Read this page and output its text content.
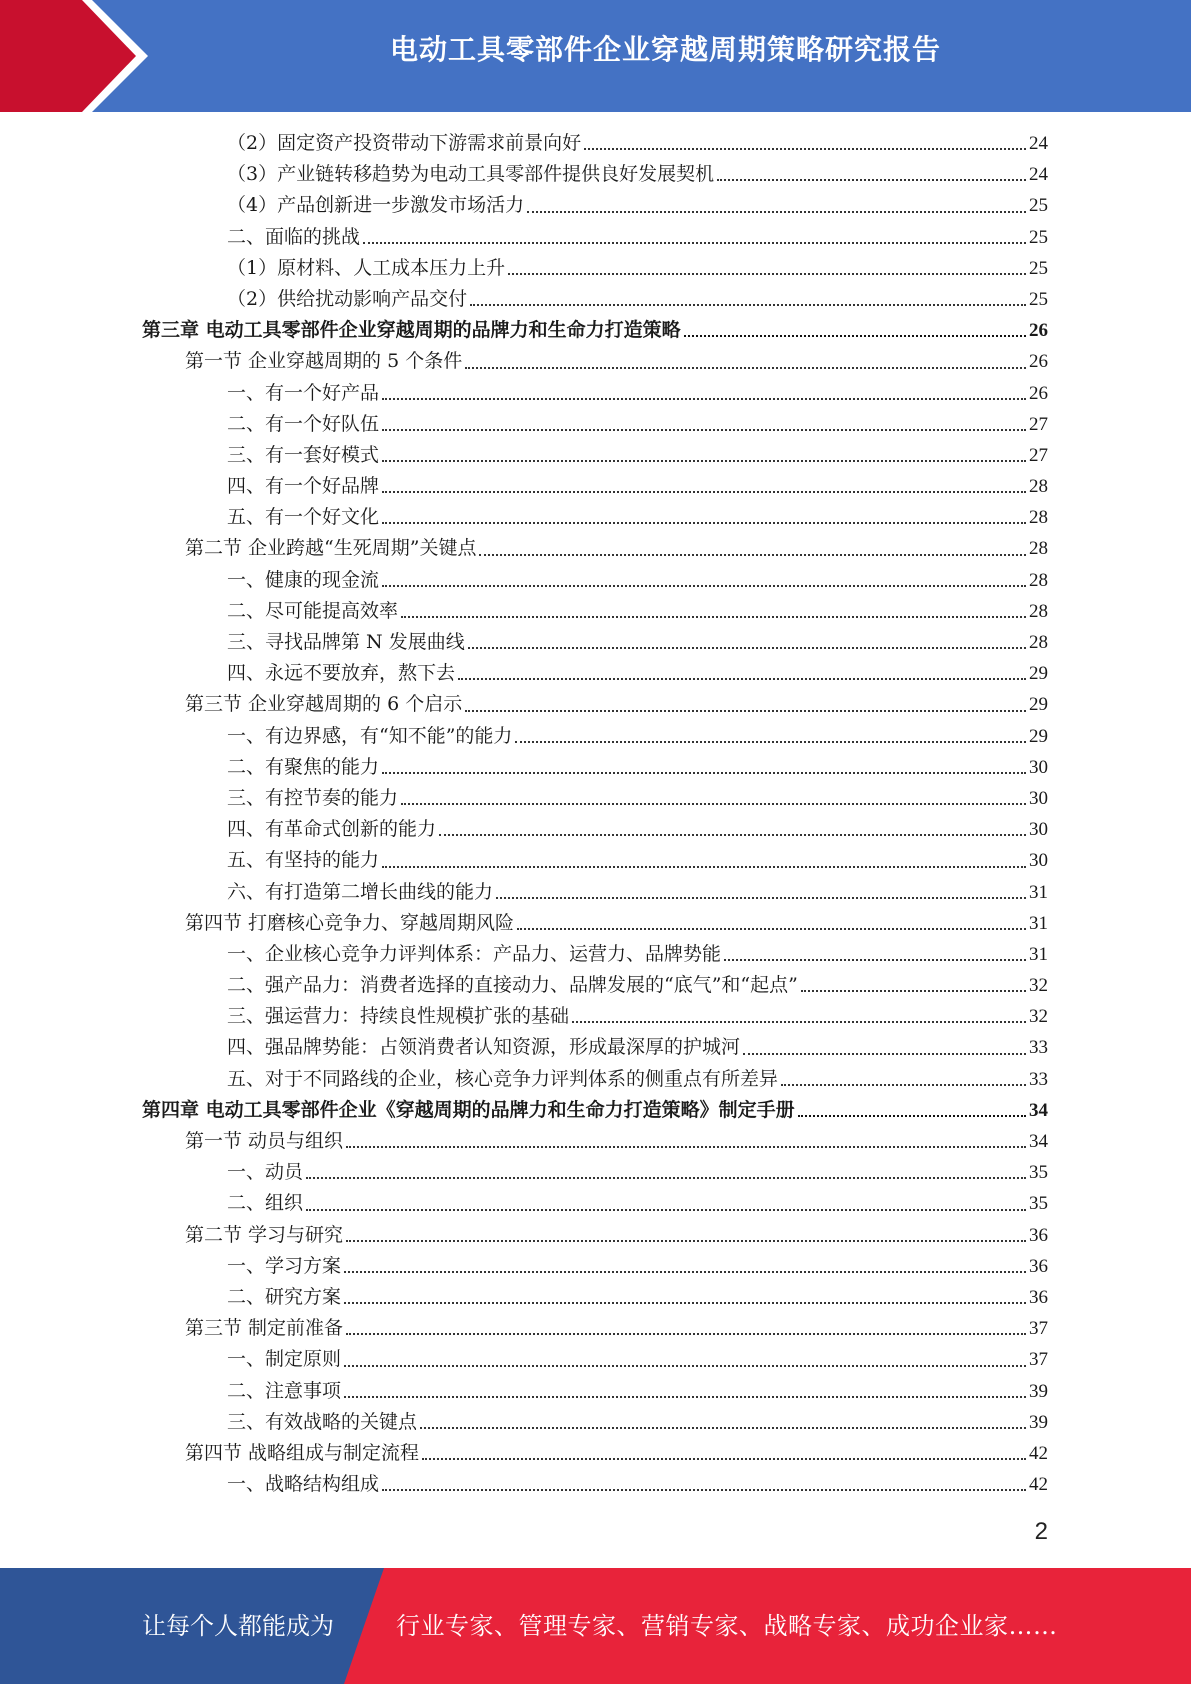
电动工具零部件企业穿越周期策略研究报告
（2）固定资产投资带动下游需求前景向好	24
（3）产业链转移趋势为电动工具零部件提供良好发展契机	24
（4）产品创新进一步激发市场活力	25
二、面临的挑战	25
（1）原材料、人工成本压力上升	25
（2）供给扰动影响产品交付	25
第三章 电动工具零部件企业穿越周期的品牌力和生命力打造策略	26
第一节 企业穿越周期的 5 个条件	26
一、有一个好产品	26
二、有一个好队伍	27
三、有一套好模式	27
四、有一个好品牌	28
五、有一个好文化	28
第二节 企业跨越“生死周期”关键点	28
一、健康的现金流	28
二、尽可能提高效率	28
三、寻找品牌第 N 发展曲线	28
四、永远不要放弃，熬下去	29
第三节 企业穿越周期的 6 个启示	29
一、有边界感，有“知不能”的能力	29
二、有聚焦的能力	30
三、有控节奏的能力	30
四、有革命式创新的能力	30
五、有坚持的能力	30
六、有打造第二增长曲线的能力	31
第四节 打磨核心竞争力、穿越周期风险	31
一、企业核心竞争力评判体系：产品力、运营力、品牌势能	31
二、强产品力：消费者选择的直接动力、品牌发展的“底气”和“起点”	32
三、强运营力：持续良性规模扩张的基础	32
四、强品牌势能：占领消费者认知资源，形成最深厚的护城河	33
五、对于不同路线的企业，核心竞争力评判体系的侧重点有所差异	33
第四章 电动工具零部件企业《穿越周期的品牌力和生命力打造策略》制定手册	34
第一节 动员与组织	34
一、动员	35
二、组织	35
第二节 学习与研究	36
一、学习方案	36
二、研究方案	36
第三节 制定前准备	37
一、制定原则	37
二、注意事项	39
三、有效战略的关键点	39
第四节 战略组成与制定流程	42
一、战略结构组成	42
2
让每个人都能成为	行业专家、管理专家、营销专家、战略专家、成功企业家……
